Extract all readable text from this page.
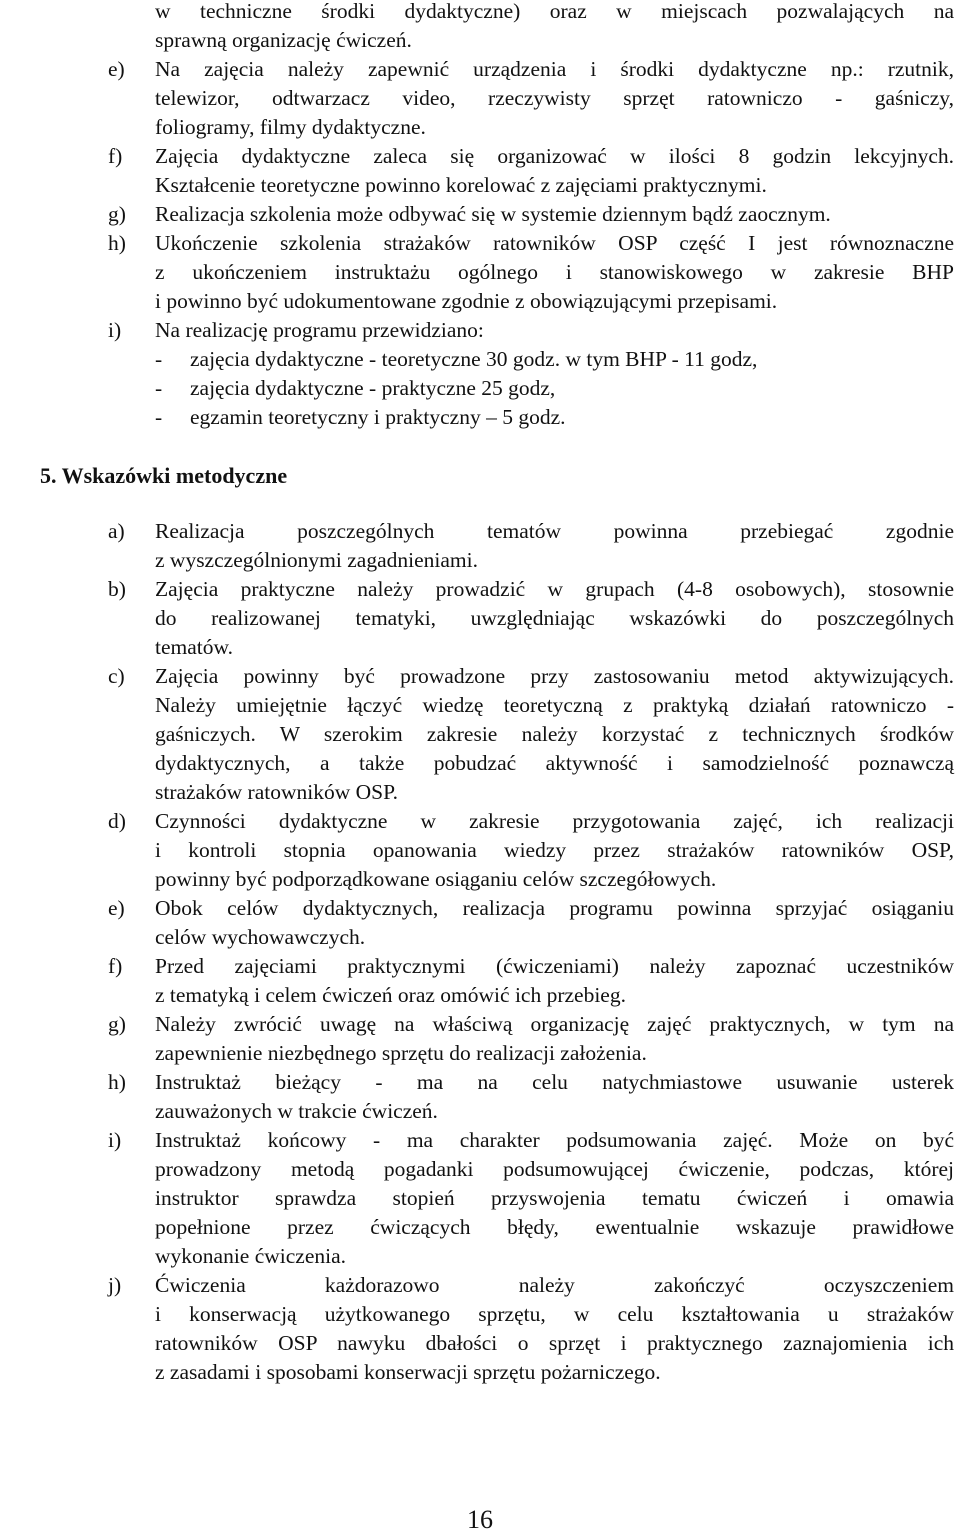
w techniczne środki dydaktyczne) oraz w miejscach pozwalających na
sprawną organizację ćwiczeń.
e)	Na zajęcia należy zapewnić urządzenia i środki dydaktyczne np.: rzutnik,
telewizor, odtwarzacz video, rzeczywisty sprzęt ratowniczo - gaśniczy,
foliogramy, filmy dydaktyczne.
f)	Zajęcia dydaktyczne zaleca się organizować w ilości 8 godzin lekcyjnych.
Kształcenie teoretyczne powinno korelować z zajęciami praktycznymi.
g)	Realizacja szkolenia może odbywać się w systemie dziennym bądź zaocznym.
h)	Ukończenie szkolenia strażaków ratowników OSP część I jest równoznaczne
z ukończeniem instruktażu ogólnego i stanowiskowego w zakresie BHP
i powinno być udokumentowane zgodnie z obowiązującymi przepisami.
i)	Na realizację programu przewidziano:
-	zajęcia dydaktyczne - teoretyczne 30 godz. w tym BHP - 11 godz,
-	zajęcia dydaktyczne - praktyczne 25 godz,
-	egzamin teoretyczny i praktyczny – 5 godz.
5. Wskazówki metodyczne
a)	Realizacja poszczególnych tematów powinna przebiegać zgodnie
z wyszczególnionymi zagadnieniami.
b)	Zajęcia praktyczne należy prowadzić w grupach (4-8 osobowych), stosownie
do realizowanej tematyki, uwzględniając wskazówki do poszczególnych
tematów.
c)	Zajęcia powinny być prowadzone przy zastosowaniu metod aktywizujących.
Należy umiejętnie łączyć wiedzę teoretyczną z praktyką działań ratowniczo -
gaśniczych. W szerokim zakresie należy korzystać z technicznych środków
dydaktycznych, a także pobudzać aktywność i samodzielność poznawczą
strażaków ratowników OSP.
d)	Czynności dydaktyczne w zakresie przygotowania zajęć, ich realizacji
i kontroli stopnia opanowania wiedzy przez strażaków ratowników OSP,
powinny być podporządkowane osiąganiu celów szczegółowych.
e)	Obok celów dydaktycznych, realizacja programu powinna sprzyjać osiąganiu
celów wychowawczych.
f)	Przed zajęciami praktycznymi (ćwiczeniami) należy zapoznać uczestników
z tematyką i celem ćwiczeń oraz omówić ich przebieg.
g)	Należy zwrócić uwagę na właściwą organizację zajęć praktycznych, w tym na
zapewnienie niezbędnego sprzętu do realizacji założenia.
h)	Instruktaż bieżący - ma na celu natychmiastowe usuwanie usterek
zauważonych w trakcie ćwiczeń.
i)	Instruktaż końcowy - ma charakter podsumowania zajęć. Może on być
prowadzony metodą pogadanki podsumowującej ćwiczenie, podczas, której
instruktor sprawdza stopień przyswojenia tematu ćwiczeń i omawia
popełnione przez ćwiczących błędy, ewentualnie wskazuje prawidłowe
wykonanie ćwiczenia.
j)	Ćwiczenia każdorazowo należy zakończyć oczyszczeniem
i konserwacją użytkowanego sprzętu, w celu kształtowania u strażaków
ratowników OSP nawyku dbałości o sprzęt i praktycznego zaznajomienia ich
z zasadami i sposobami konserwacji sprzętu pożarniczego.
16
